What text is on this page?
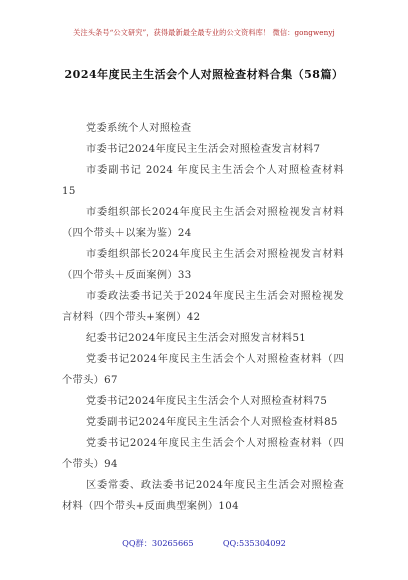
关注头条号“公文研究”，获得最新最全最专业的公文资料库！ 微信：gongwenyj
2024年度民主生活会个人对照检查材料合集（58篇）
党委系统个人对照检查
市委书记2024年度民主生活会对照检查发言材料7
市委副书记 2024 年度民主生活会个人对照检查材料15
市委组织部长2024年度民主生活会对照检视发言材料（四个带头＋以案为鉴）24
市委组织部长2024年度民主生活会对照检视发言材料（四个带头＋反面案例）33
市委政法委书记关于2024年度民主生活会对照检视发言材料（四个带头+案例）42
纪委书记2024年度民主生活会对照发言材料51
党委书记2024年度民主生活会个人对照检查材料（四个带头）67
党委书记2024年度民主生活会个人对照检查材料75
党委副书记2024年度民主生活会个人对照检查材料85
党委书记2024年度民主生活会个人对照检查材料（四个带头）94
区委常委、政法委书记2024年度民主生活会对照检查材料（四个带头+反面典型案例）104
QQ群：30265665	QQ:535304092
